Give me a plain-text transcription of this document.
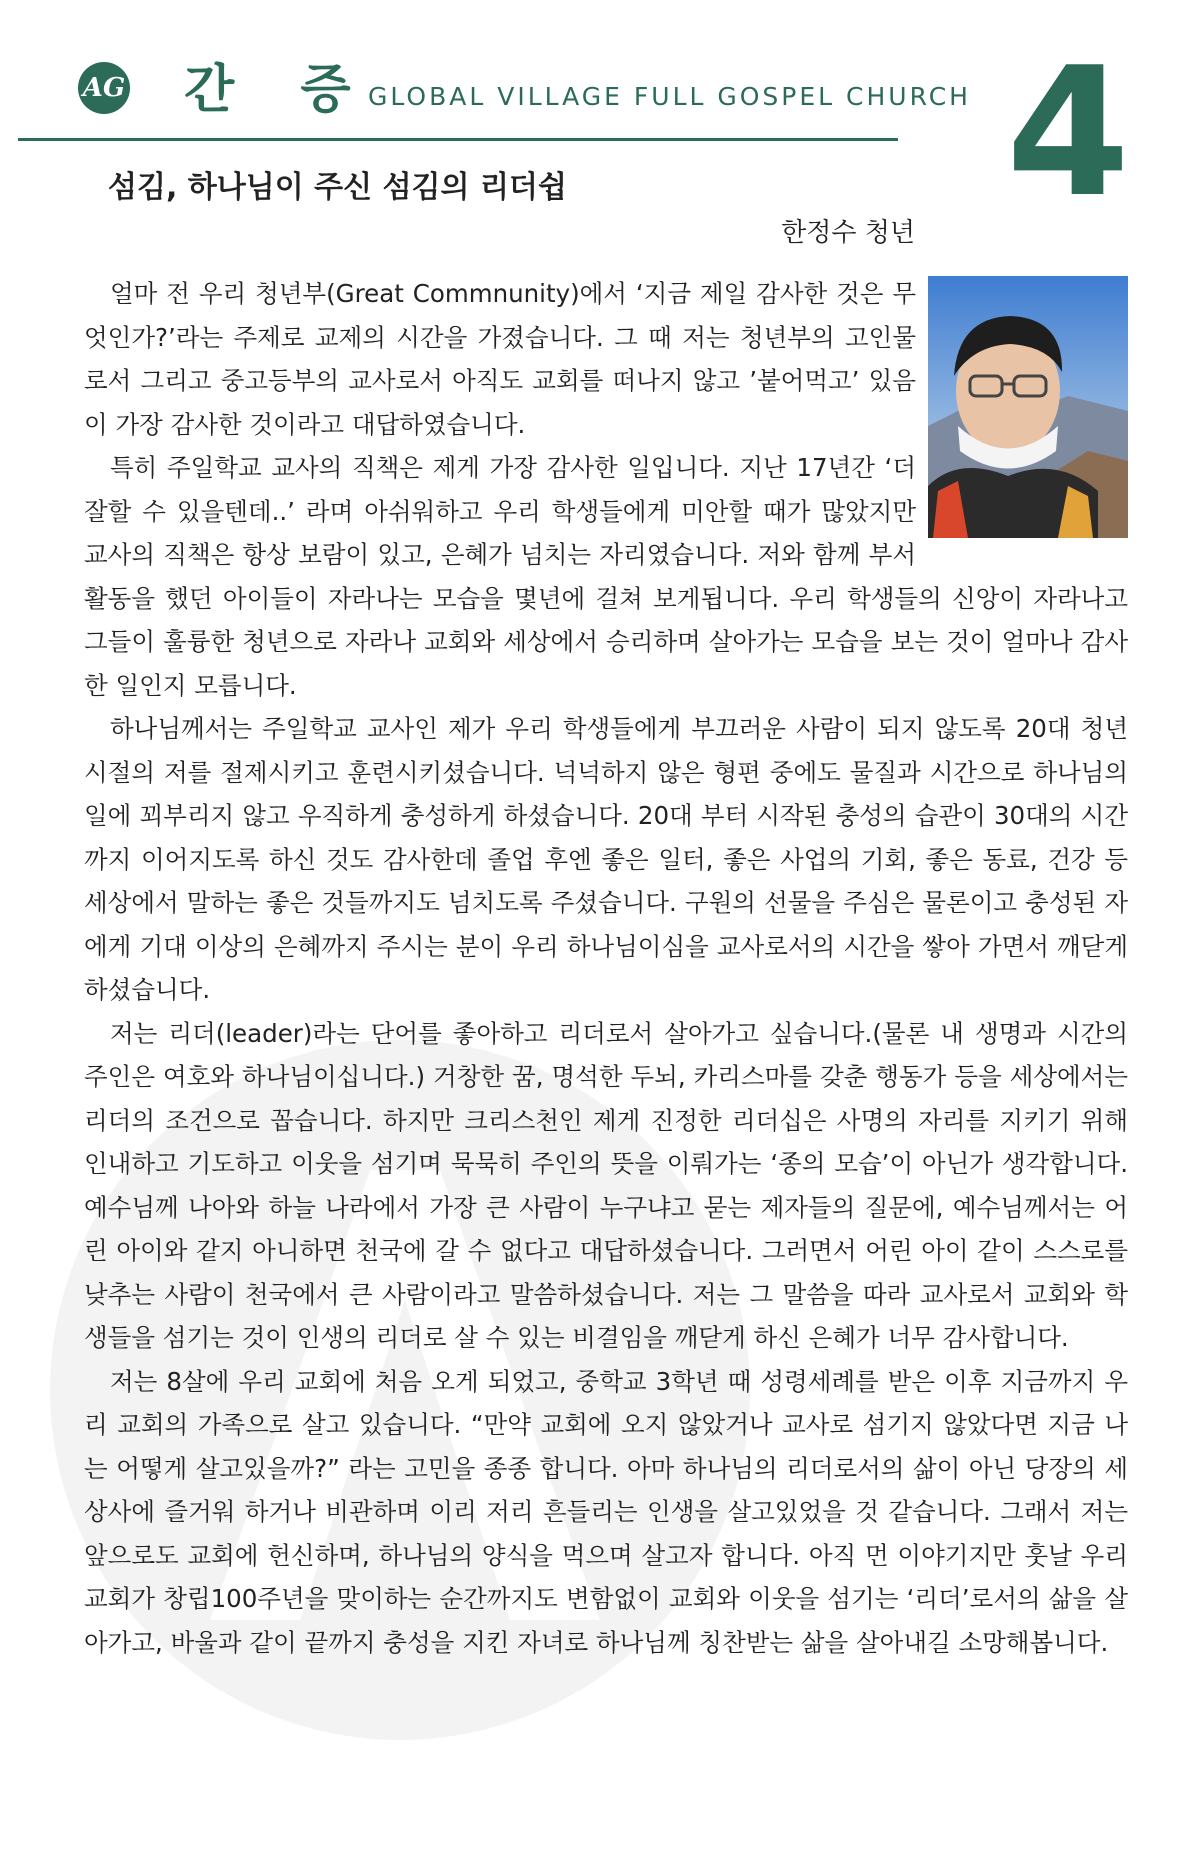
AG 간 증
GLOBAL VILLAGE FULL GOSPEL CHURCH 4
섬김, 하나님이 주신 섬김의 리더쉽
한정수 청년

얼마 전 우리 청년부(Great Commnunity)에서 ‘지금 제일 감사한 것은 무엇인가?’라는 주제로 교제의 시간을 가졌습니다. 그 때 저는 청년부의 고인물로서 그리고 중고등부의 교사로서 아직도 교회를 떠나지 않고 ’붙어먹고’ 있음이 가장 감사한 것이라고 대답하였습니다.

특히 주일학교 교사의 직책은 제게 가장 감사한 일입니다. 지난 17년간 ‘더 잘할 수 있을텐데..’ 라며 아쉬워하고 우리 학생들에게 미안할 때가 많았지만 교사의 직책은 항상 보람이 있고, 은혜가 넘치는 자리였습니다. 저와 함께 부서활동을 했던 아이들이 자라나는 모습을 몇년에 걸쳐 보게됩니다. 우리 학생들의 신앙이 자라나고 그들이 훌륭한 청년으로 자라나 교회와 세상에서 승리하며 살아가는 모습을 보는 것이 얼마나 감사한 일인지 모릅니다.

하나님께서는 주일학교 교사인 제가 우리 학생들에게 부끄러운 사람이 되지 않도록 20대 청년 시절의 저를 절제시키고 훈련시키셨습니다. 넉넉하지 않은 형편 중에도 물질과 시간으로 하나님의 일에 꾀부리지 않고 우직하게 충성하게 하셨습니다. 20대 부터 시작된 충성의 습관이 30대의 시간까지 이어지도록 하신 것도 감사한데 졸업 후엔 좋은 일터, 좋은 사업의 기회, 좋은 동료, 건강 등 세상에서 말하는 좋은 것들까지도 넘치도록 주셨습니다. 구원의 선물을 주심은 물론이고 충성된 자에게 기대 이상의 은혜까지 주시는 분이 우리 하나님이심을 교사로서의 시간을 쌓아 가면서 깨닫게 하셨습니다.

저는 리더(leader)라는 단어를 좋아하고 리더로서 살아가고 싶습니다.(물론 내 생명과 시간의 주인은 여호와 하나님이십니다.) 거창한 꿈, 명석한 두뇌, 카리스마를 갖춘 행동가 등을 세상에서는 리더의 조건으로 꼽습니다. 하지만 크리스천인 제게 진정한 리더십은 사명의 자리를 지키기 위해 인내하고 기도하고 이웃을 섬기며 묵묵히 주인의 뜻을 이뤄가는 ‘종의 모습’이 아닌가 생각합니다. 예수님께 나아와 하늘 나라에서 가장 큰 사람이 누구냐고 묻는 제자들의 질문에, 예수님께서는 어린 아이와 같지 아니하면 천국에 갈 수 없다고 대답하셨습니다. 그러면서 어린 아이 같이 스스로를 낮추는 사람이 천국에서 큰 사람이라고 말씀하셨습니다. 저는 그 말씀을 따라 교사로서 교회와 학생들을 섬기는 것이 인생의 리더로 살 수 있는 비결임을 깨닫게 하신 은혜가 너무 감사합니다.

저는 8살에 우리 교회에 처음 오게 되었고, 중학교 3학년 때 성령세례를 받은 이후 지금까지 우리 교회의 가족으로 살고 있습니다. “만약 교회에 오지 않았거나 교사로 섬기지 않았다면 지금 나는 어떻게 살고있을까?” 라는 고민을 종종 합니다. 아마 하나님의 리더로서의 삶이 아닌 당장의 세상사에 즐거워 하거나 비관하며 이리 저리 흔들리는 인생을 살고있었을 것 같습니다. 그래서 저는 앞으로도 교회에 헌신하며, 하나님의 양식을 먹으며 살고자 합니다. 아직 먼 이야기지만 훗날 우리 교회가 창립100주년을 맞이하는 순간까지도 변함없이 교회와 이웃을 섬기는 ‘리더’로서의 삶을 살아가고, 바울과 같이 끝까지 충성을 지킨 자녀로 하나님께 칭찬받는 삶을 살아내길 소망해봅니다.
